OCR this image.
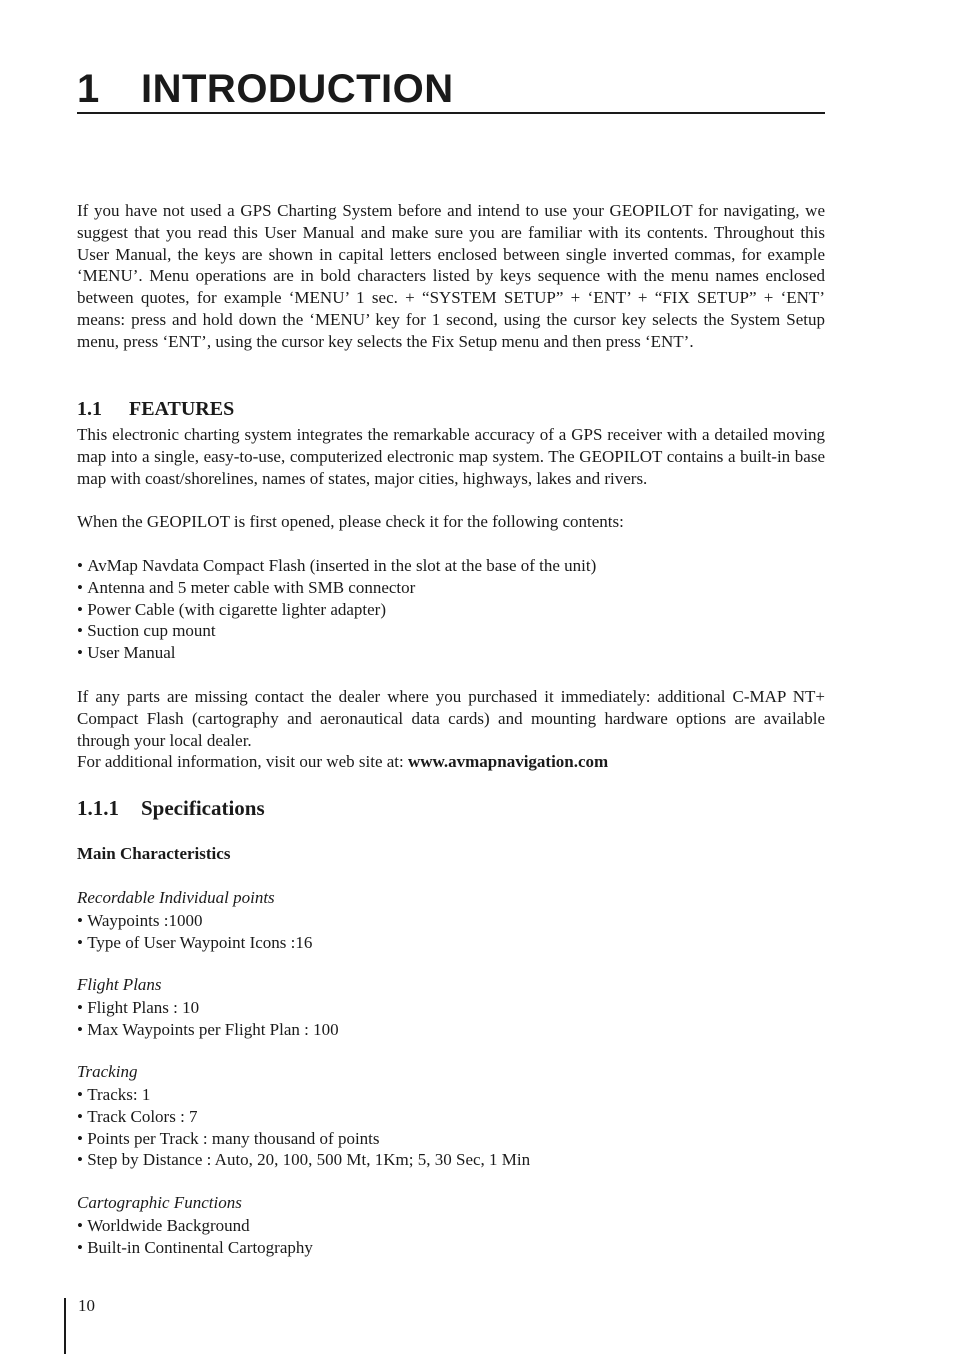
1 INTRODUCTION
If you have not used a GPS Charting System before and intend to use your GEOPILOT for navigating, we suggest that you read this User Manual and make sure you are familiar with its contents. Throughout this User Manual, the keys are shown in capital letters enclosed between single inverted commas, for example ‘MENU’. Menu operations are in bold characters listed by keys sequence with the menu names enclosed between quotes, for example ‘MENU’ 1 sec. + “SYSTEM SETUP” + ‘ENT’ + “FIX SETUP” + ‘ENT’ means: press and hold down the ‘MENU’ key for 1 second, using the cursor key selects the System Setup menu, press ‘ENT’, using the cursor key selects the Fix Setup menu and then press ‘ENT’.
1.1 FEATURES
This electronic charting system integrates the remarkable accuracy of a GPS receiver with a detailed moving map into a single, easy-to-use, computerized electronic map system. The GEOPILOT contains a built-in base map with coast/shorelines, names of states, major cities, highways, lakes and rivers.
When the GEOPILOT is first opened, please check it for the following contents:
• AvMap Navdata Compact Flash (inserted in the slot at the base of the unit)
• Antenna and 5 meter cable with SMB connector
• Power Cable (with cigarette lighter adapter)
• Suction cup mount
• User Manual
If any parts are missing contact the dealer where you purchased it immediately: additional C-MAP NT+ Compact Flash (cartography and aeronautical data cards) and mounting hardware options are available through your local dealer.
For additional information, visit our web site at: www.avmapnavigation.com
1.1.1 Specifications
Main Characteristics
Recordable Individual points
• Waypoints :1000
• Type of User Waypoint Icons :16
Flight Plans
• Flight Plans : 10
• Max Waypoints per Flight Plan : 100
Tracking
• Tracks: 1
• Track Colors : 7
• Points per Track : many thousand of points
• Step by Distance : Auto, 20, 100, 500 Mt, 1Km; 5, 30 Sec, 1 Min
Cartographic Functions
• Worldwide Background
• Built-in Continental Cartography
10
